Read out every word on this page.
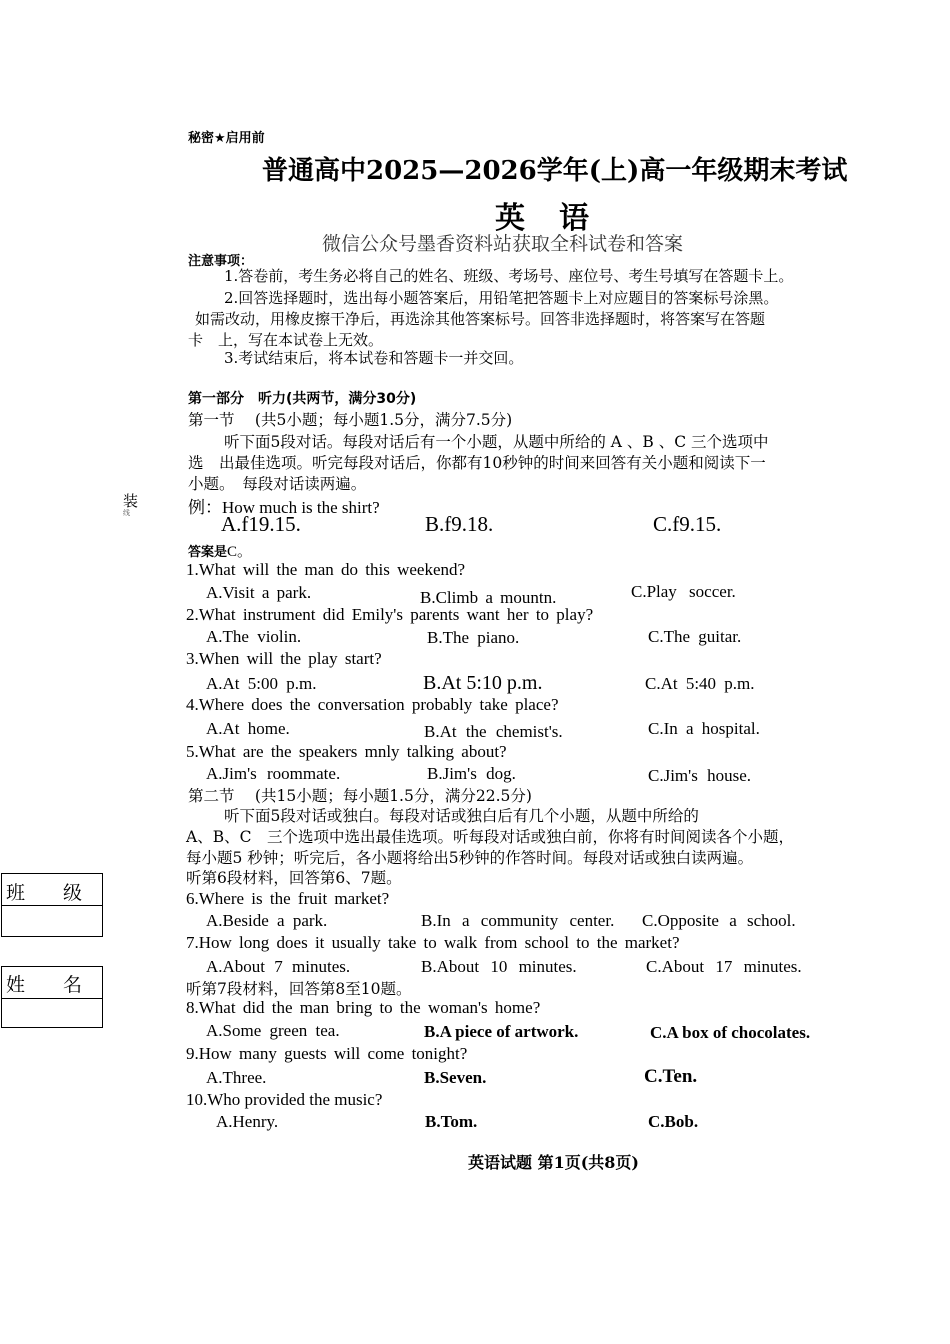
秘密★启用前
普通高中2025—2026学年(上)高一年级期末考试
英　语
微信公众号墨香资料站获取全科试卷和答案
注意事项：
1.答卷前，考生务必将自己的姓名、班级、考场号、座位号、考生号填写在答题卡上。
2.回答选择题时，选出每小题答案后，用铅笔把答题卡上对应题目的答案标号涂黑。
如需改动，用橡皮擦干净后，再选涂其他答案标号。回答非选择题时，将答案写在答题
卡　上，写在本试卷上无效。
3.考试结束后，将本试卷和答题卡一并交回。
第一部分　听力(共两节，满分30分)
第一节　 (共5小题；每小题1.5分，满分7.5分)
听下面5段对话。每段对话后有一个小题，从题中所给的 A 、B 、C 三个选项中
选　出最佳选项。听完每段对话后，你都有10秒钟的时间来回答有关小题和阅读下一
小题。　每段对话读两遍。
例：How much is the shirt?
A.f19.15.	B.f9.18.	C.f9.15.
答案是C。
1.What will the man do this weekend?
A.Visit a park.	B.Climb a mountn.	C.Play soccer.
2.What instrument did Emily's parents want her to play?
A.The violin.	B.The piano.	C.The guitar.
3.When will the play start?
A.At 5:00 p.m.	B.At 5:10 p.m.	C.At 5:40 p.m.
4.Where does the conversation probably take place?
A.At home.	B.At the chemist's.	C.In a hospital.
5.What are the speakers mnly talking about?
A.Jim's roommate.	B.Jim's dog.	C.Jim's house.
第二节　 (共15小题；每小题1.5分，满分22.5分)
听下面5段对话或独白。每段对话或独白后有几个小题，从题中所给的
A、B、C　三个选项中选出最佳选项。听每段对话或独白前，你将有时间阅读各个小题，
每小题5 秒钟；听完后，各小题将给出5秒钟的作答时间。每段对话或独白读两遍。
听第6段材料，回答第6、7题。
6.Where is the fruit market?
A.Beside a park.	B.In a community center. C.Opposite a school.
7.How long does it usually take to walk from school to the market?
A.About 7 minutes.	B.About 10 minutes.	C.About 17 minutes.
听第7段材料，回答第8至10题。
8.What did the man bring to the woman's home?
A.Some green tea.	B.A piece of artwork.	C.A box of chocolates.
9.How many guests will come tonight?
A.Three.	B.Seven.	C.Ten.
10.Who provided the music?
A.Henry.	B.Tom.	C.Bob.
英语试题 第1页(共8页)
装
线
班　　级
姓　　名
